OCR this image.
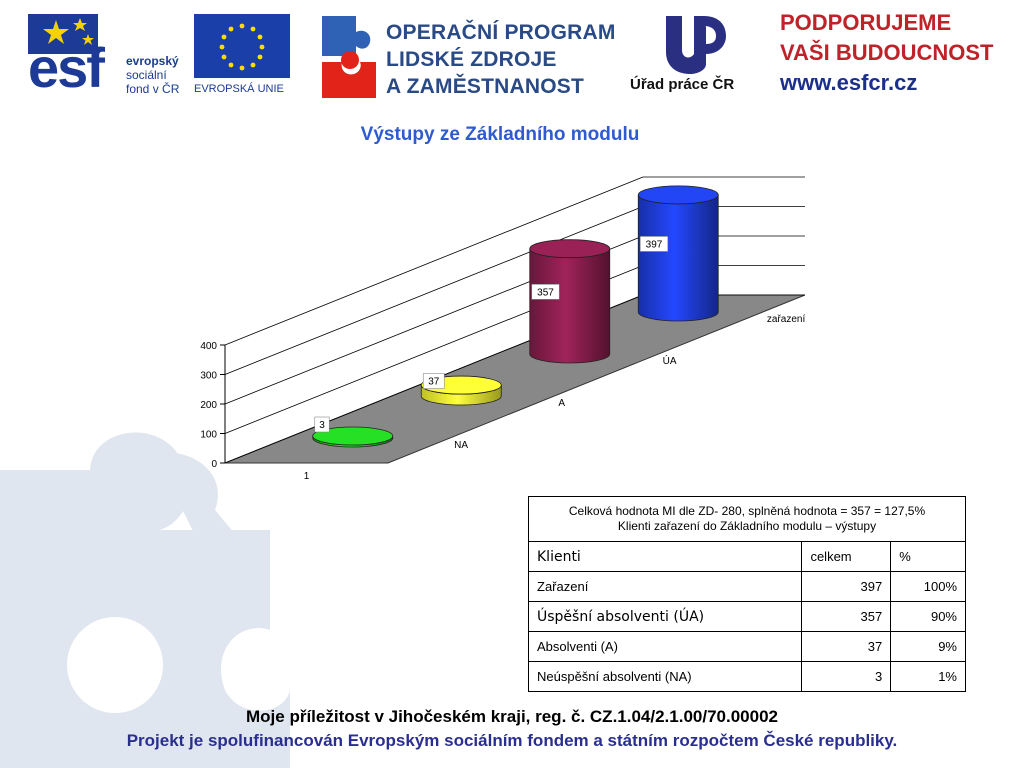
esf evropský
sociální
fond v ČR EVROPSKÁ UNIE
OPERAČNÍ PROGRAM
LIDSKÉ ZDROJE
A ZAMĚSTNANOST	Úřad práce ČR
PODPORUJEME
VAŠI BUDOUCNOST
www.esfcr.cz
Výstupy ze Základního modulu
0
100
200
300
400
1
3
NA
37
A
357
ÚA
397
zařazení
Celková hodnota MI dle ZD- 280, splněná hodnota = 357 = 127,5%
Klienti zařazení do Základního modulu – výstupy		

Klienti	celkem	%
Zařazení	397	100%
Úspěšní absolventi (ÚA)	357	90%
Absolventi (A)	37	9%
Neúspěšní absolventi (NA)	3	1%
Moje příležitost v Jihočeském kraji, reg. č. CZ.1.04/2.1.00/70.00002
Projekt je spolufinancován Evropským sociálním fondem a státním rozpočtem České republiky.
